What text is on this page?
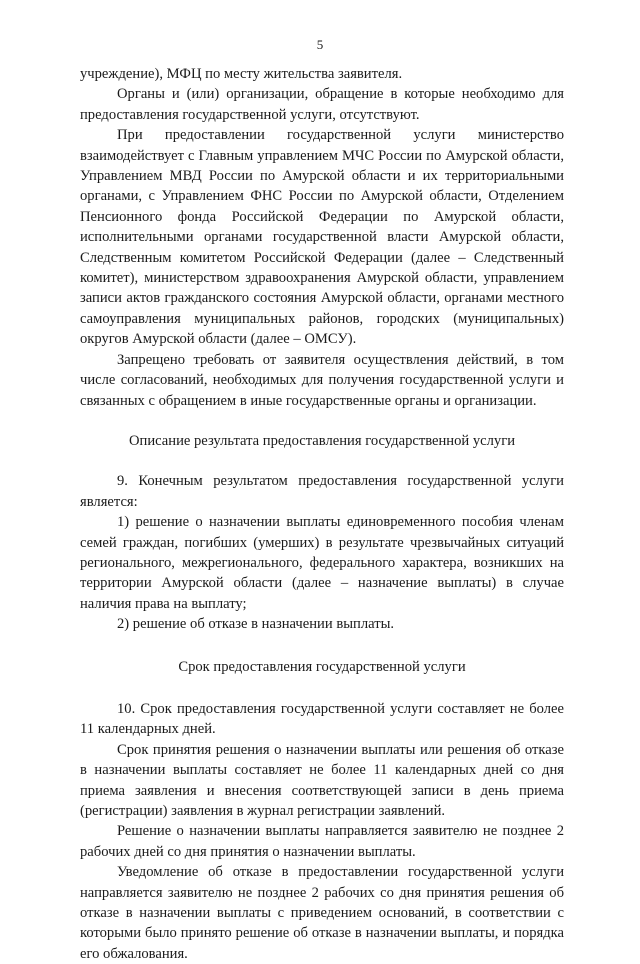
5

учреждение), МФЦ по месту жительства заявителя.

Органы и (или) организации, обращение в которые необходимо для предоставления государственной услуги, отсутствуют.

При предоставлении государственной услуги министерство взаимодействует с Главным управлением МЧС России по Амурской области, Управлением МВД России по Амурской области и их территориальными органами, с Управлением ФНС России по Амурской области, Отделением Пенсионного фонда Российской Федерации по Амурской области, исполнительными органами государственной власти Амурской области, Следственным комитетом Российской Федерации (далее – Следственный комитет), министерством здравоохранения Амурской области, управлением записи актов гражданского состояния Амурской области, органами местного самоуправления муниципальных районов, городских (муниципальных) округов Амурской области (далее – ОМСУ).

Запрещено требовать от заявителя осуществления действий, в том числе согласований, необходимых для получения государственной услуги и связанных с обращением в иные государственные органы и организации.

Описание результата предоставления государственной услуги

9. Конечным результатом предоставления государственной услуги является:

1) решение о назначении выплаты единовременного пособия членам семей граждан, погибших (умерших) в результате чрезвычайных ситуаций регионального, межрегионального, федерального характера, возникших на территории Амурской области (далее – назначение выплаты) в случае наличия права на выплату;

2) решение об отказе в назначении выплаты.

Срок предоставления государственной услуги

10. Срок предоставления государственной услуги составляет не более 11 календарных дней.

Срок принятия решения о назначении выплаты или решения об отказе в назначении выплаты составляет не более 11 календарных дней со дня приема заявления и внесения соответствующей записи в день приема (регистрации) заявления в журнал регистрации заявлений.

Решение о назначении выплаты направляется заявителю не позднее 2 рабочих дней со дня принятия о назначении выплаты.

Уведомление об отказе в предоставлении государственной услуги направляется заявителю не позднее 2 рабочих со дня принятия решения об отказе в назначении выплаты с приведением оснований, в соответствии с которыми было принято решение об отказе в назначении выплаты, и порядка его обжалования.
